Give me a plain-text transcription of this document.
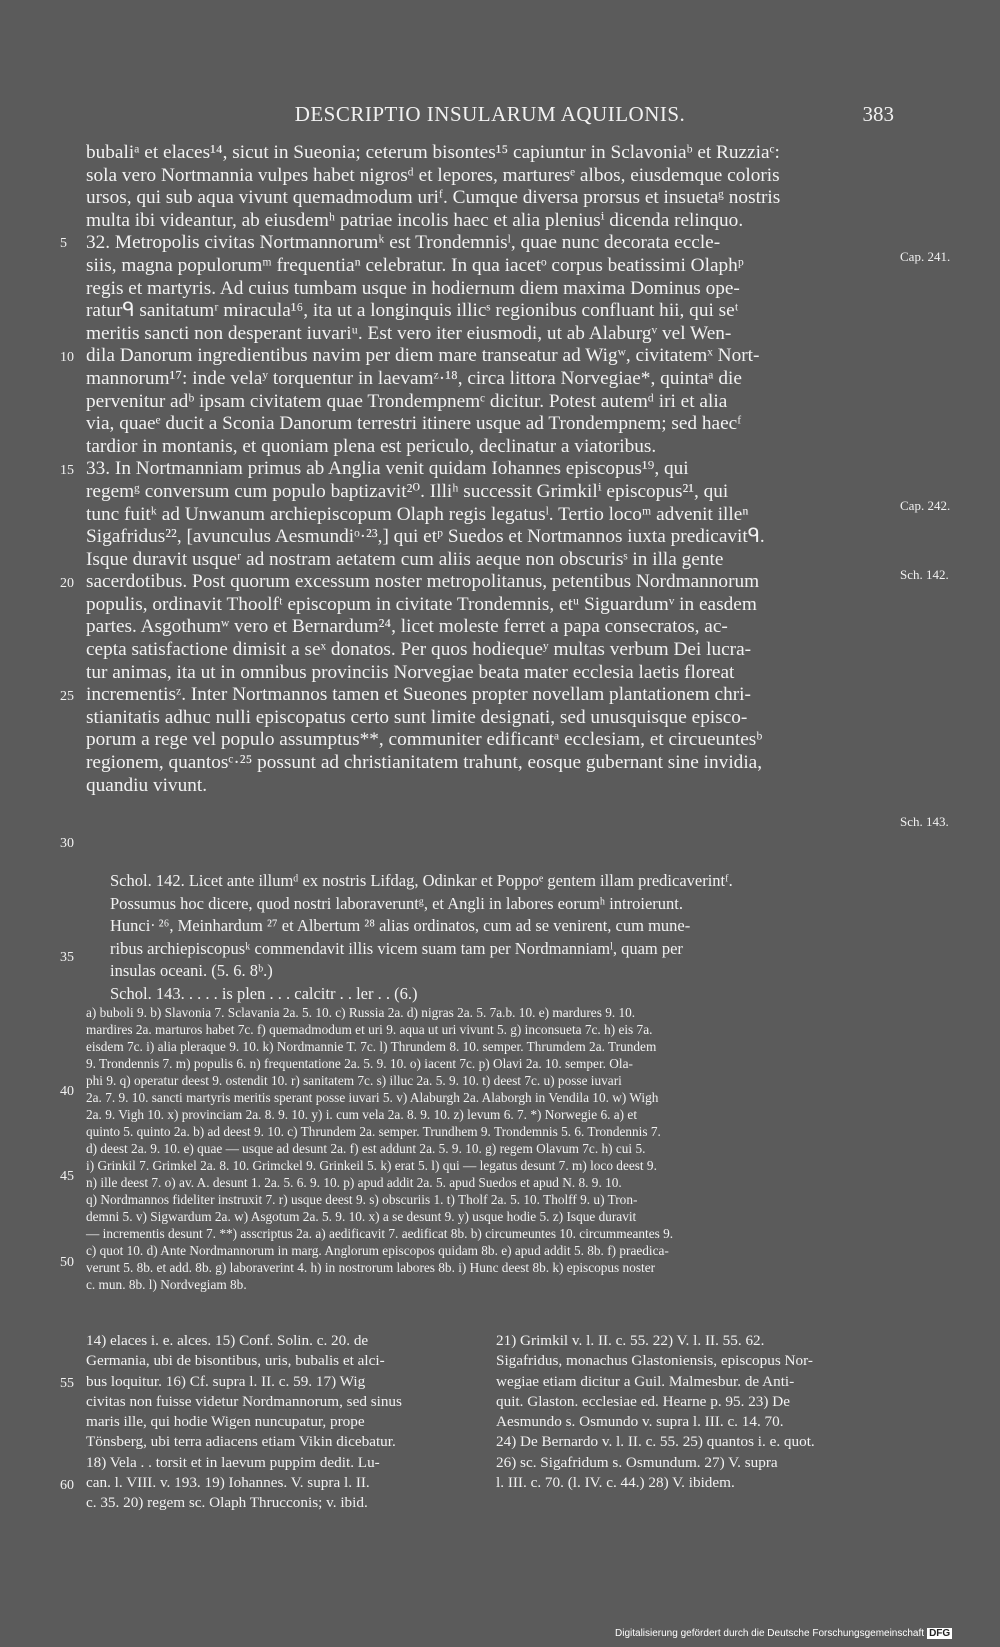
DESCRIPTIO INSULARUM AQUILONIS.	383
bubaliᵃ et elaces¹⁴, sicut in Sueonia; ceterum bisontes¹⁵ capiuntur in Sclavoniaᵇ et Ruzziaᶜ:
sola vero Nortmannia vulpes habet nigrosᵈ et lepores, marturesᵉ albos, eiusdemque coloris
ursos, qui sub aqua vivunt quemadmodum uriᶠ. Cumque diversa prorsus et insuetaᵍ nostris
multa ibi videantur, ab eiusdemʰ patriae incolis haec et alia pleniusⁱ dicenda relinquo.
32. Metropolis civitas Nortmannorumᵏ est Trondemnisˡ, quae nunc decorata eccle-
siis, magna populorumᵐ frequentiaⁿ celebratur. In qua iacetᵒ corpus beatissimi Olaphᵖ
regis et martyris. Ad cuius tumbam usque in hodiernum diem maxima Dominus ope-
raturᑫ sanitatumʳ miracula¹⁶, ita ut a longinquis illicˢ regionibus confluant hii, qui seᵗ
meritis sancti non desperant iuvariᵘ. Est vero iter eiusmodi, ut ab Alaburgᵛ vel Wen-
dila Danorum ingredientibus navim per diem mare transeatur ad Wigʷ, civitatemˣ Nort-
mannorum¹⁷: inde velaʸ torquentur in laevamᶻ·¹⁸, circa littora Norvegiae*, quintaᵃ die
pervenitur adᵇ ipsam civitatem quae Trondempnemᶜ dicitur. Potest autemᵈ iri et alia
via, quaeᵉ ducit a Sconia Danorum terrestri itinere usque ad Trondempnem; sed haecᶠ
tardior in montanis, et quoniam plena est periculo, declinatur a viatoribus.
33. In Nortmanniam primus ab Anglia venit quidam Iohannes episcopus¹⁹, qui
regemᵍ conversum cum populo baptizavit²⁰. Illiʰ successit Grimkilⁱ episcopus²¹, qui
tunc fuitᵏ ad Unwanum archiepiscopum Olaph regis legatusˡ. Tertio locoᵐ advenit illeⁿ
Sigafridus²², [avunculus Aesmundiᵒ·²³,] qui etᵖ Suedos et Nortmannos iuxta predicavitᑫ.
Isque duravit usqueʳ ad nostram aetatem cum aliis aeque non obscurisˢ in illa gente
sacerdotibus. Post quorum excessum noster metropolitanus, petentibus Nordmannorum
populis, ordinavit Thoolfᵗ episcopum in civitate Trondemnis, etᵘ Siguardumᵛ in easdem
partes. Asgothumʷ vero et Bernardum²⁴, licet moleste ferret a papa consecratos, ac-
cepta satisfactione dimisit a seˣ donatos. Per quos hodiequeʸ multas verbum Dei lucra-
tur animas, ita ut in omnibus provinciis Norvegiae beata mater ecclesia laetis floreat
incrementisᶻ. Inter Nortmannos tamen et Sueones propter novellam plantationem chri-
stianitatis adhuc nulli episcopatus certo sunt limite designati, sed unusquisque episco-
porum a rege vel populo assumptus**, communiter edificantᵃ ecclesiam, et circueuntesᵇ
regionem, quantosᶜ·²⁵ possunt ad christianitatem trahunt, eosque gubernant sine invidia,
quandiu vivunt.
Schol. 142. Licet ante illumᵈ ex nostris Lifdag, Odinkar et Poppoᵉ gentem illam predicaverintᶠ.
Possumus hoc dicere, quod nostri laboraveruntᵍ, et Angli in labores eorumʰ introierunt.
Hunciᐧ ²⁶, Meinhardum ²⁷ et Albertum ²⁸ alias ordinatos, cum ad se venirent, cum mune-
ribus archiepiscopusᵏ commendavit illis vicem suam tam per Nordmanniamˡ, quam per
insulas oceani. (5. 6. 8ᵇ.)
Schol. 143. . . . . is plen . . . calcitr . . ler . . (6.)
a) buboli 9. b) Slavonia 7. Sclavania 2a. 5. 10. c) Russia 2a. d) nigras 2a. 5. 7a.b. 10. e) mardures 9. 10.
mardires 2a. marturos habet 7c. f) quemadmodum et uri 9. aqua ut uri vivunt 5. g) inconsueta 7c. h) eis 7a.
eisdem 7c. i) alia pleraque 9. 10. k) Nordmannie T. 7c. l) Thrundem 8. 10. semper. Thrumdem 2a. Trundem
9. Trondennis 7. m) populis 6. n) frequentatione 2a. 5. 9. 10. o) iacent 7c. p) Olavi 2a. 10. semper. Ola-
phi 9. q) operatur deest 9. ostendit 10. r) sanitatem 7c. s) illuc 2a. 5. 9. 10. t) deest 7c. u) posse iuvari
2a. 7. 9. 10. sancti martyris meritis sperant posse iuvari 5. v) Alaburgh 2a. Alaborgh in Vendila 10. w) Wigh
2a. 9. Vigh 10. x) provinciam 2a. 8. 9. 10. y) i. cum vela 2a. 8. 9. 10. z) levum 6. 7. *) Norwegie 6. a) et
quinto 5. quinto 2a. b) ad deest 9. 10. c) Thrundem 2a. semper. Trundhem 9. Trondemnis 5. 6. Trondennis 7.
d) deest 2a. 9. 10. e) quae — usque ad desunt 2a. f) est addunt 2a. 5. 9. 10. g) regem Olavum 7c. h) cui 5.
i) Grinkil 7. Grimkel 2a. 8. 10. Grimckel 9. Grinkeil 5. k) erat 5. l) qui — legatus desunt 7. m) loco deest 9.
n) ille deest 7. o) av. A. desunt 1. 2a. 5. 6. 9. 10. p) apud addit 2a. 5. apud Suedos et apud N. 8. 9. 10.
q) Nordmannos fideliter instruxit 7. r) usque deest 9. s) obscuriis 1. t) Tholf 2a. 5. 10. Tholff 9. u) Tron-
demni 5. v) Sigwardum 2a. w) Asgotum 2a. 5. 9. 10. x) a se desunt 9. y) usque hodie 5. z) Isque duravit
— incrementis desunt 7. **) asscriptus 2a. a) aedificavit 7. aedificat 8b. b) circumeuntes 10. circummeantes 9.
c) quot 10. d) Ante Nordmannorum in marg. Anglorum episcopos quidam 8b. e) apud addit 5. 8b. f) praedica-
verunt 5. 8b. et add. 8b. g) laboraverint 4. h) in nostrorum labores 8b. i) Hunc deest 8b. k) episcopus noster
c. mun. 8b. l) Nordvegiam 8b.
14) elaces i. e. alces. 15) Conf. Solin. c. 20. de
Germania, ubi de bisontibus, uris, bubalis et alci-
bus loquitur. 16) Cf. supra l. II. c. 59. 17) Wig
civitas non fuisse videtur Nordmannorum, sed sinus
maris ille, qui hodie Wigen nuncupatur, prope
Tönsberg, ubi terra adiacens etiam Vikin dicebatur.
18) Vela . . torsit et in laevum puppim dedit. Lu-
can. l. VIII. v. 193. 19) Iohannes. V. supra l. II.
c. 35. 20) regem sc. Olaph Thrucconis; v. ibid.
21) Grimkil v. l. II. c. 55. 22) V. l. II. 55. 62.
Sigafridus, monachus Glastoniensis, episcopus Nor-
wegiae etiam dicitur a Guil. Malmesbur. de Anti-
quit. Glaston. ecclesiae ed. Hearne p. 95. 23) De
Aesmundo s. Osmundo v. supra l. III. c. 14. 70.
24) De Bernardo v. l. II. c. 55. 25) quantos i. e. quot.
26) sc. Sigafridum s. Osmundum. 27) V. supra
l. III. c. 70. (l. IV. c. 44.) 28) V. ibidem.
5
10
15
20
25
30
35
40
45
50
55
60
Cap. 241.
Cap. 242.
Sch. 142.
Sch. 143.
Digitalisierung gefördert durch die Deutsche Forschungsgemeinschaft DFG
